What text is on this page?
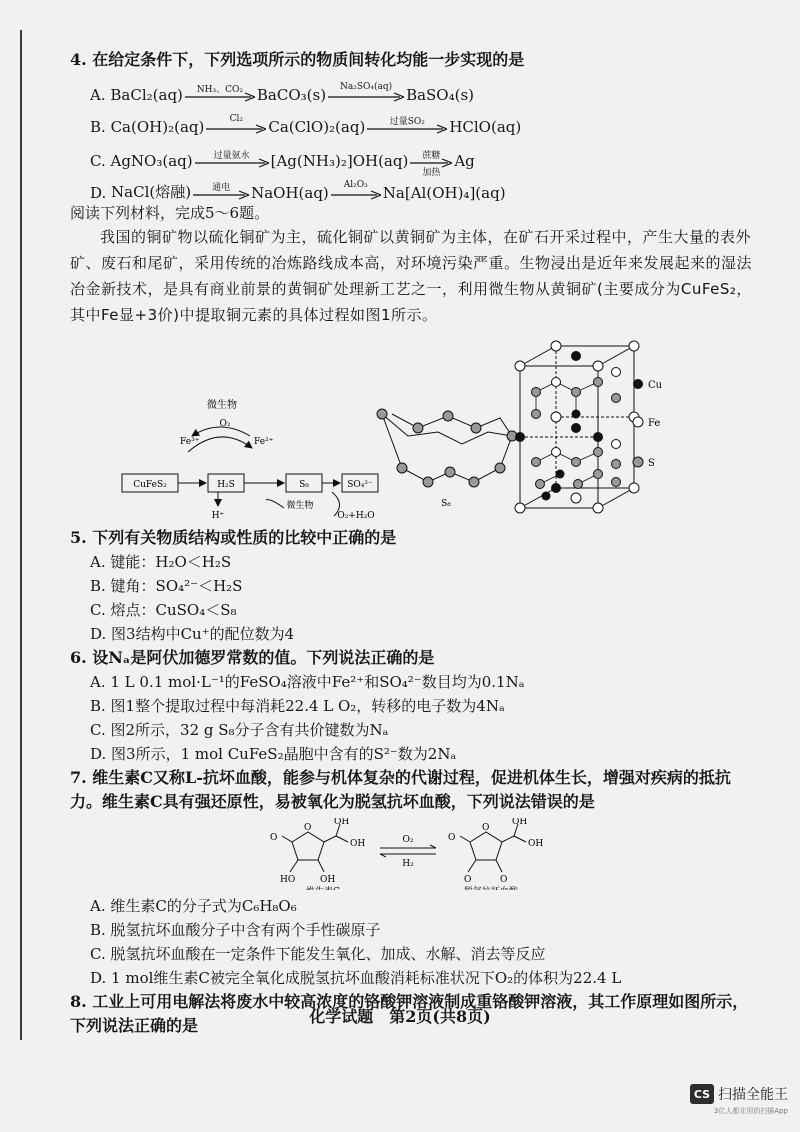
4. 在给定条件下，下列选项所示的物质间转化均能一步实现的是
A.
BaCl₂(aq)	NH₃、CO₂ BaCO₃(s)	Na₂SO₄(aq) BaSO₄(s)
B.
Ca(OH)₂(aq)	Cl₂	Ca(ClO)₂(aq)	过量SO₂	HClO(aq)
C.
AgNO₃(aq)	过量氨水	[Ag(NH₃)₂]OH(aq)	蔗糖
加热
Ag
D.
NaCl(熔融)	通电	NaOH(aq)	Al₂O₃	Na[Al(OH)₄](aq)
阅读下列材料，完成5～6题。
我国的铜矿物以硫化铜矿为主，硫化铜矿以黄铜矿为主体，在矿石开采过程中，产生大量的表外矿、废石和尾矿，采用传统的冶炼路线成本高，对环境污染严重。生物浸出是近年来发展起来的湿法冶金新技术，是具有商业前景的黄铜矿处理新工艺之一，利用微生物从黄铜矿(主要成分为CuFeS₂，其中Fe显+3价)中提取铜元素的具体过程如图1所示。
微生物
O₂
Fe³⁺	Fe²⁺
CuFeS₂	H₂S	S₈	SO₄²⁻
H⁺
微生物
O₂+H₂O
S₈
Cu
Fe
S
5. 下列有关物质结构或性质的比较中正确的是
A. 键能：H₂O＜H₂S
B. 键角：SO₄²⁻＜H₂S
C. 熔点：CuSO₄＜S₈
D. 图3结构中Cu⁺的配位数为4
6. 设Nₐ是阿伏加德罗常数的值。下列说法正确的是
A. 1 L 0.1 mol·L⁻¹的FeSO₄溶液中Fe²⁺和SO₄²⁻数目均为0.1Nₐ
B. 图1整个提取过程中每消耗22.4 L O₂，转移的电子数为4Nₐ
C. 图2所示，32 g S₈分子含有共价键数为Nₐ
D. 图3所示，1 mol CuFeS₂晶胞中含有的S²⁻数为2Nₐ
7. 维生素C又称L-抗坏血酸，能参与机体复杂的代谢过程，促进机体生长，增强对疾病的抵抗力。维生素C具有强还原性，易被氧化为脱氢抗坏血酸，下列说法错误的是
O
O
OH
OH
HO	OH
O₂
H₂
O
O
OH
OH
O	O
A. 维生素C的分子式为C₆H₈O₆
B. 脱氢抗坏血酸分子中含有两个手性碳原子
C. 脱氢抗坏血酸在一定条件下能发生氧化、加成、水解、消去等反应
D. 1 mol维生素C被完全氧化成脱氢抗坏血酸消耗标准状况下O₂的体积为22.4 L
8. 工业上可用电解法将废水中较高浓度的铬酸钾溶液制成重铬酸钾溶液，其工作原理如图所示，下列说法正确的是	化学试题　第2页(共8页)
CS 扫描全能王
3亿人都在用的扫描App
